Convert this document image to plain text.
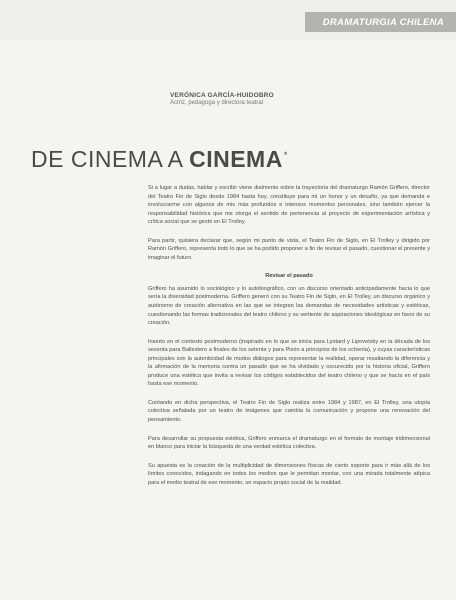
DRAMATURGIA CHILENA
VERÓNICA GARCÍA-HUIDOBRO
Actriz, pedagoga y directora teatral
DE CINEMA A CINEMA*

Si a lugar a dudas, hablar y escribir viene dialmente sobre la trayectoria del dramaturgo Ramón Griffero, director del Teatro Fin de Siglo desde 1984 hasta hoy, constituye para mí un honor y un desafío, ya que demanda e involucrarme con algunos de mis más profundos e intensos momentos personales, sino también ejercer la responsabilidad histórica que me otorga el sentido de pertenencia al proyecto de experimentación artística y crítica social que se gestó en El Trolley.

Para partir, quisiera declarar que, según mi punto de vista, el Teatro Fin de Siglo, en El Trolley y dirigido por Ramón Griffero, representa todo lo que se ha podido proponer a fin de revisar el pasado, cuestionar el presente y imaginar el futuro.

Revisar el pasado

Griffero ha asumido lo sociológico y lo autobiográfico, con un discurso orientado anticipadamente hacia lo que sería la diversidad postmoderna. Griffero generó con su Teatro Fin de Siglo, en El Trolley, un discurso orgánico y autónomo de creación alternativa en las que se integran las demandas de necesidades artísticas y estéticas, cuestionando las formas tradicionales del teatro chileno y su vertiente de aspiraciones ideológicas en favor de su creación.

Inserto en el contexto postmoderno (inspirado en lo que se inicia para Lyotard y Lipovetsky en la década de los sesenta para Ballestero a finales de los setenta y para Pisón a principios de los ochenta), y cuyas características principales son la autenticidad de modos diálogos para representar la realidad, operar resaltando la diferencia y la afirmación de la memoria contra un pasado que se ha olvidado y oscurecido por la historia oficial, Griffero produce una estética que invita a revisar los códigos establecidos del teatro chileno y que se hacía en el país hasta ese momento.

Contando en dicha perspectiva, el Teatro Fin de Siglo realiza entre 1984 y 1987, en El Trolley, una utopía colectiva señalada por un teatro de imágenes que cambia la comunicación y propone una renovación del pensamiento.

Para desarrollar su propuesta estética, Griffero enmarca el dramaturgo en el formato de montaje tridimensional en blanco para iniciar la búsqueda de una verdad estética colectiva.

Su apuesta es la creación de la multiplicidad de dimensiones físicas de cierto soporte para ir más allá de los límites conocidos, indagando en todos los medios que le permitan montar, con una mirada totalmente atípica para el medio teatral de ese momento, un espacio propio social de la realidad.
